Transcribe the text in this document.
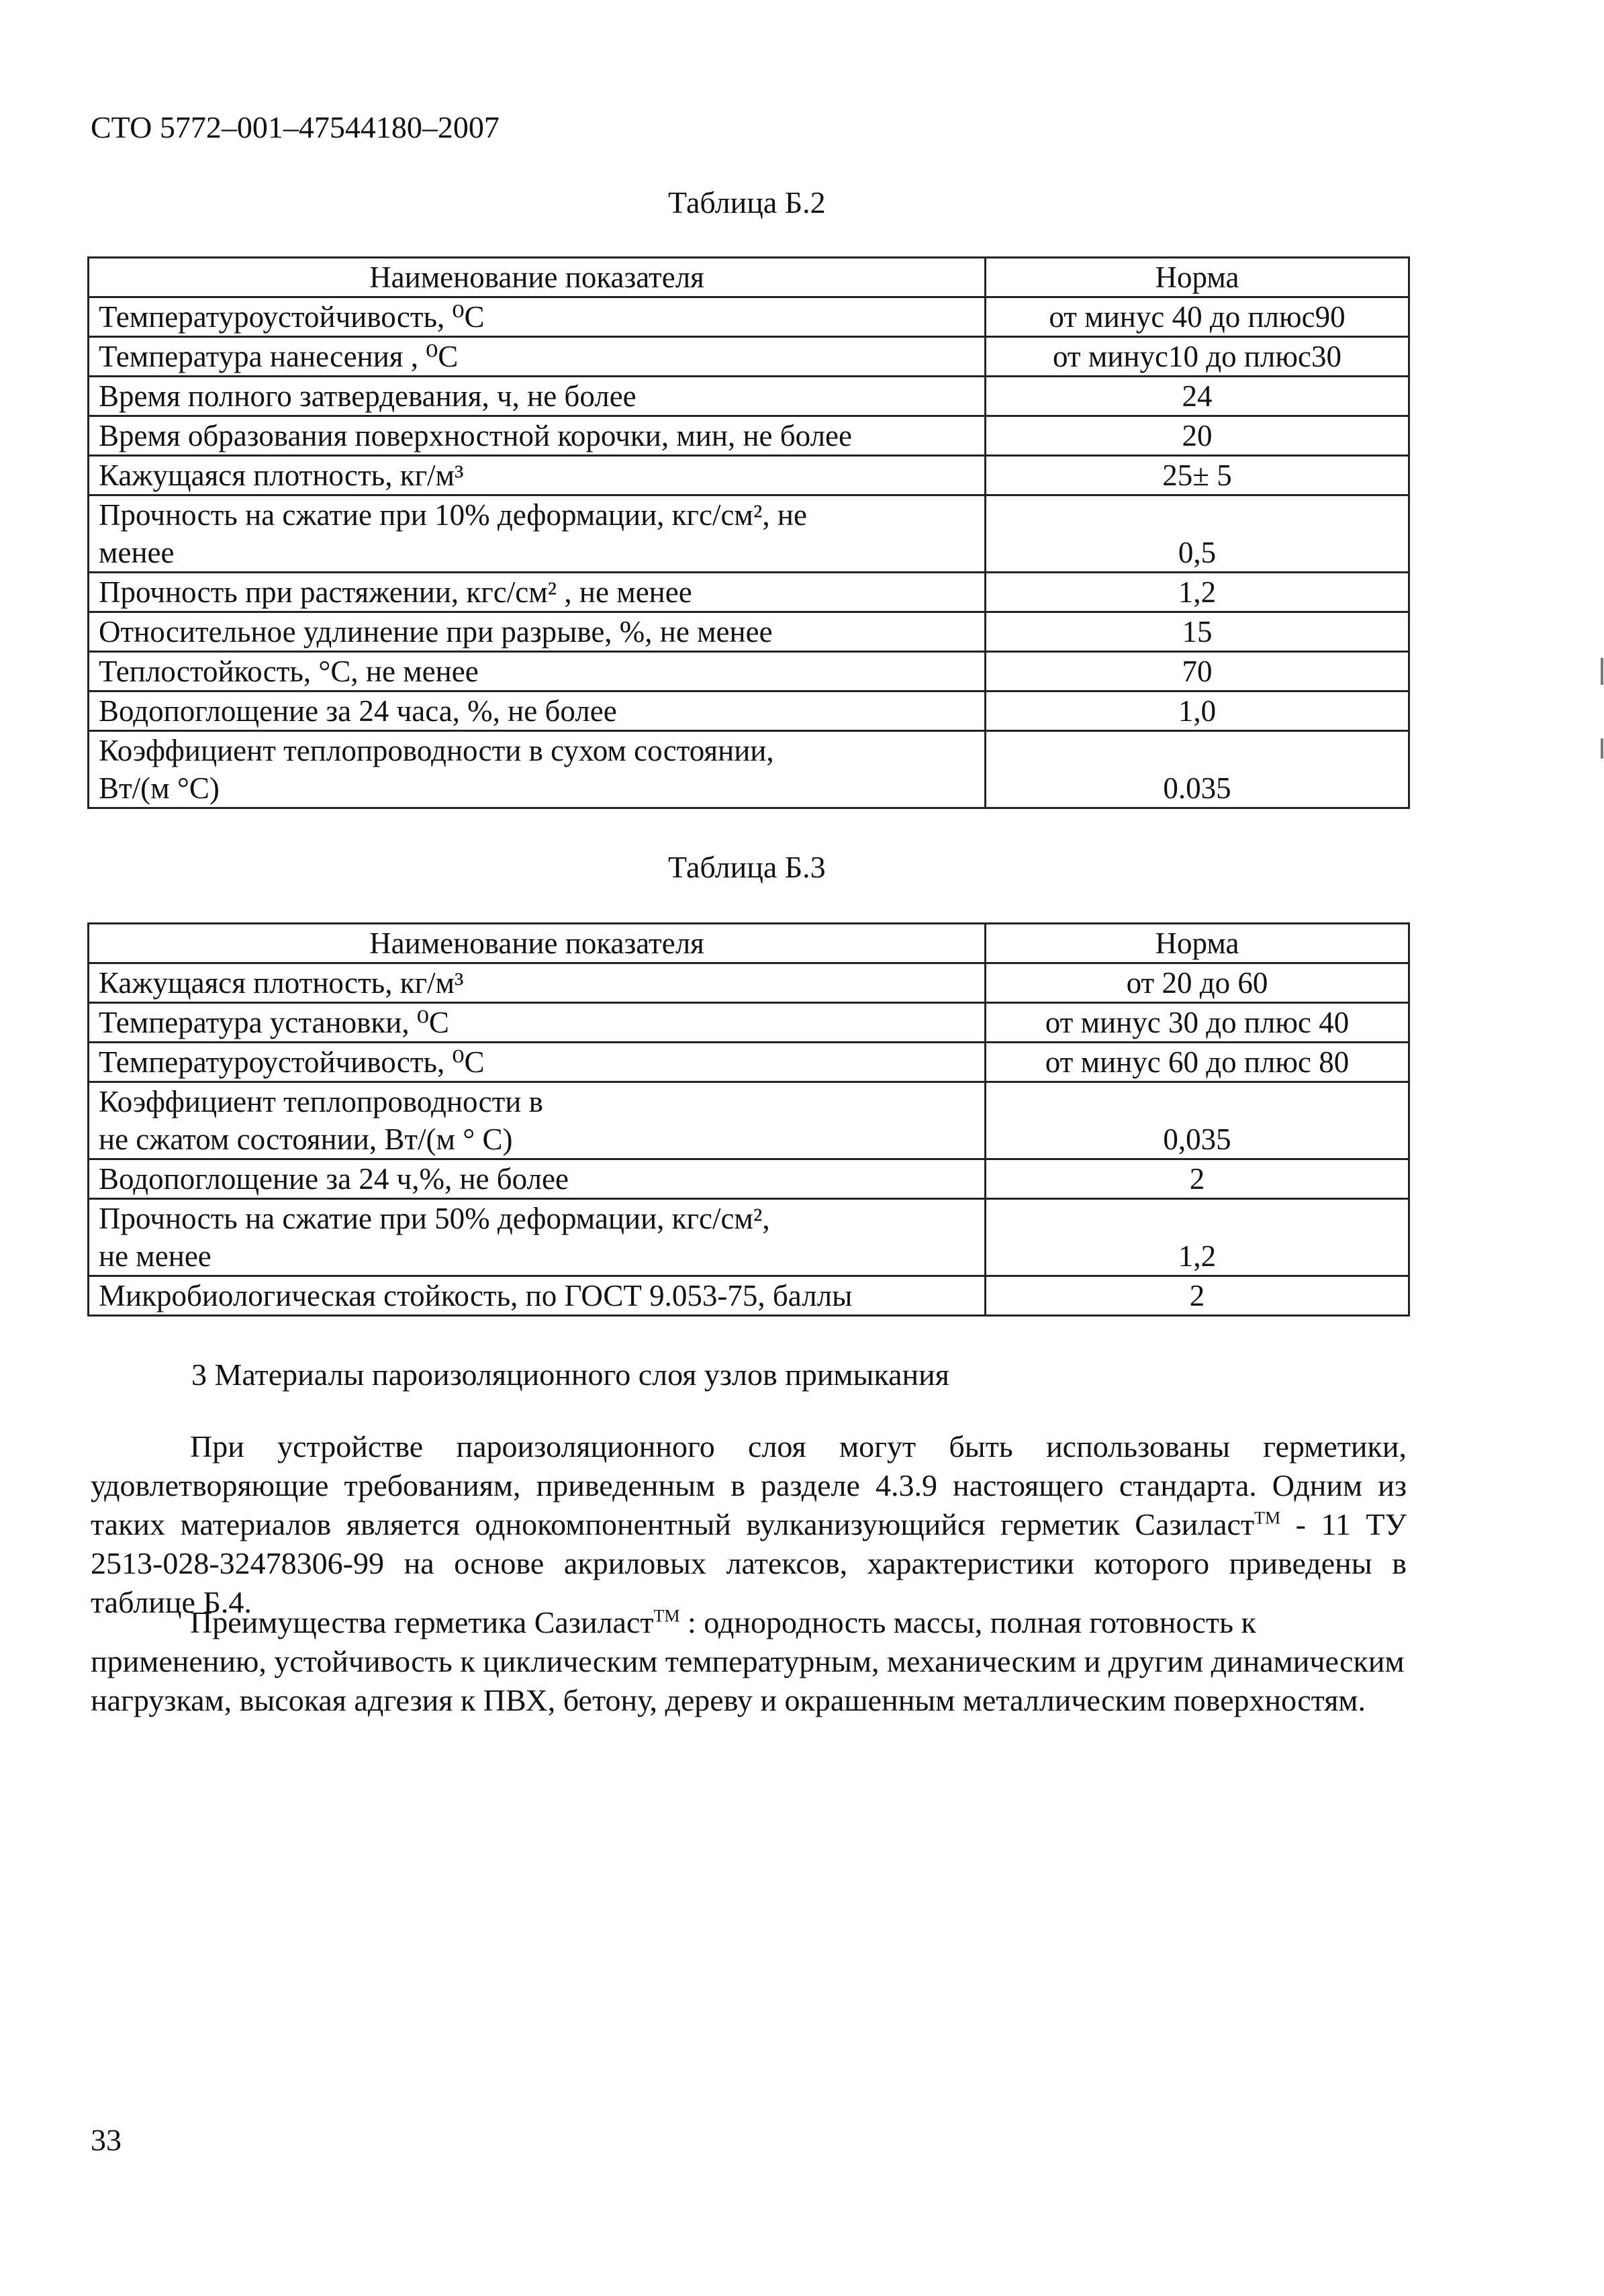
СТО 5772–001–47544180–2007
Таблица Б.2
Наименование показателя	Норма
Температуроустойчивость, ⁰С	от минус 40 до плюс90
Температура нанесения , ⁰С	от минус10 до плюс30
Время полного затвердевания, ч, не более	24
Время образования поверхностной корочки, мин, не более	20
Кажущаяся плотность, кг/м³	25± 5
Прочность на сжатие при 10% деформации, кгс/см², не
менее	0,5
Прочность при растяжении, кгс/см² , не менее	1,2
Относительное удлинение при разрыве, %, не менее	15
Теплостойкость, °С, не менее	70
Водопоглощение за 24 часа, %, не более	1,0
Коэффициент теплопроводности в сухом состоянии,
Вт/(м °С)	0.035
Таблица Б.3
Наименование показателя	Норма
Кажущаяся плотность, кг/м³	от 20 до 60
Температура установки, ⁰С	от минус 30 до плюс 40
Температуроустойчивость, ⁰С	от минус 60 до плюс 80
Коэффициент теплопроводности в
не сжатом состоянии, Вт/(м ° С)	0,035
Водопоглощение за 24 ч,%, не более	2
Прочность на сжатие при 50% деформации, кгс/см²,
не менее	1,2
Микробиологическая стойкость, по ГОСТ 9.053-75, баллы	2
3 Материалы пароизоляционного слоя узлов примыкания

При устройстве пароизоляционного слоя могут быть использованы герметики, удовлетворяющие требованиям, приведенным в разделе 4.3.9 настоящего стандарта. Одним из таких материалов является однокомпонентный вулканизующийся герметик Сазиласт™ - 11 ТУ 2513-028-32478306-99 на основе акриловых латексов, характеристики которого приведены в таблице Б.4.

Преимущества герметика Сазиласт™ : однородность массы, полная готовность к применению, устойчивость к циклическим температурным, механическим и другим динамическим нагрузкам, высокая адгезия к ПВХ, бетону, дереву и окрашенным металлическим поверхностям.

33
